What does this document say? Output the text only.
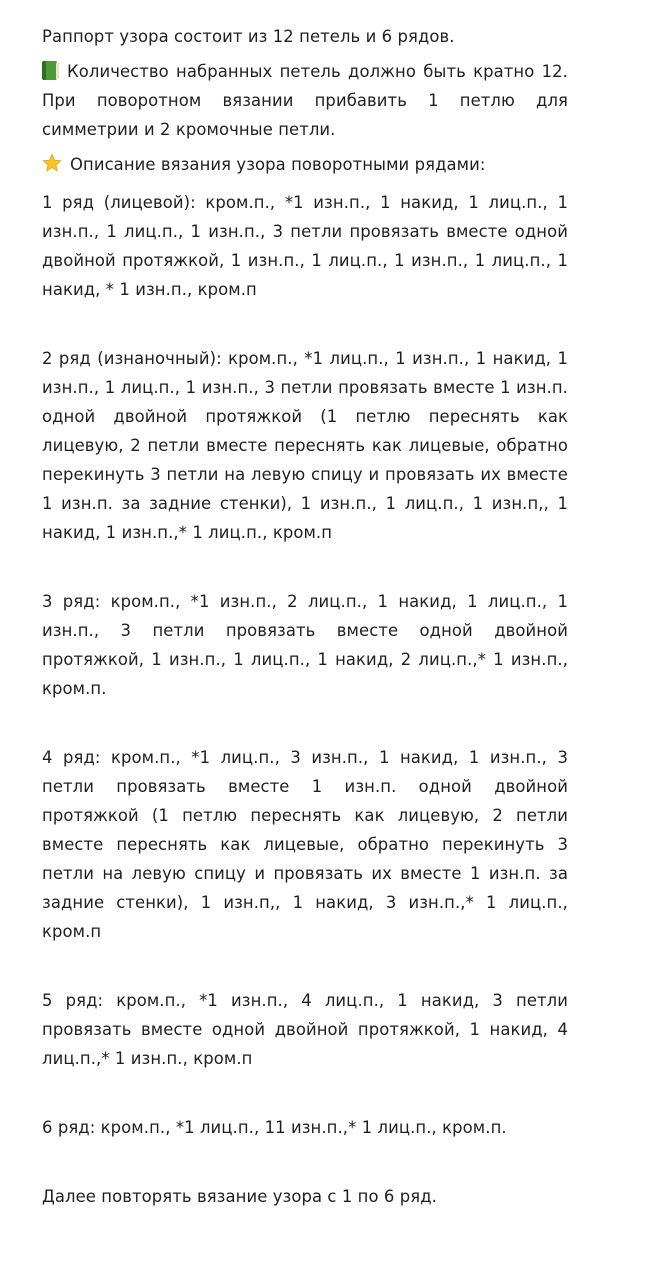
Раппорт узора состоит из 12 петель и 6 рядов.

Количество набранных петель должно быть кратно 12. При поворотном вязании прибавить 1 петлю для симметрии и 2 кромочные петли.

Описание вязания узора поворотными рядами:

1 ряд (лицевой): кром.п., *1 изн.п., 1 накид, 1 лиц.п., 1 изн.п., 1 лиц.п., 1 изн.п., 3 петли провязать вместе одной двойной протяжкой, 1 изн.п., 1 лиц.п., 1 изн.п., 1 лиц.п., 1 накид, * 1 изн.п., кром.п

2 ряд (изнаночный): кром.п., *1 лиц.п., 1 изн.п., 1 накид, 1 изн.п., 1 лиц.п., 1 изн.п., 3 петли провязать вместе 1 изн.п. одной двойной протяжкой (1 петлю переснять как лицевую, 2 петли вместе переснять как лицевые, обратно перекинуть 3 петли на левую спицу и провязать их вместе 1 изн.п. за задние стенки), 1 изн.п., 1 лиц.п., 1 изн.п,, 1 накид, 1 изн.п.,* 1 лиц.п., кром.п

3 ряд: кром.п., *1 изн.п., 2 лиц.п., 1 накид, 1 лиц.п., 1 изн.п., 3 петли провязать вместе одной двойной протяжкой, 1 изн.п., 1 лиц.п., 1 накид, 2 лиц.п.,* 1 изн.п., кром.п.

4 ряд: кром.п., *1 лиц.п., 3 изн.п., 1 накид, 1 изн.п., 3 петли провязать вместе 1 изн.п. одной двойной протяжкой (1 петлю переснять как лицевую, 2 петли вместе переснять как лицевые, обратно перекинуть 3 петли на левую спицу и провязать их вместе 1 изн.п. за задние стенки), 1 изн.п,, 1 накид, 3 изн.п.,* 1 лиц.п., кром.п

5 ряд: кром.п., *1 изн.п., 4 лиц.п., 1 накид, 3 петли провязать вместе одной двойной протяжкой, 1 накид, 4 лиц.п.,* 1 изн.п., кром.п

6 ряд: кром.п., *1 лиц.п., 11 изн.п.,* 1 лиц.п., кром.п.

Далее повторять вязание узора с 1 по 6 ряд.
